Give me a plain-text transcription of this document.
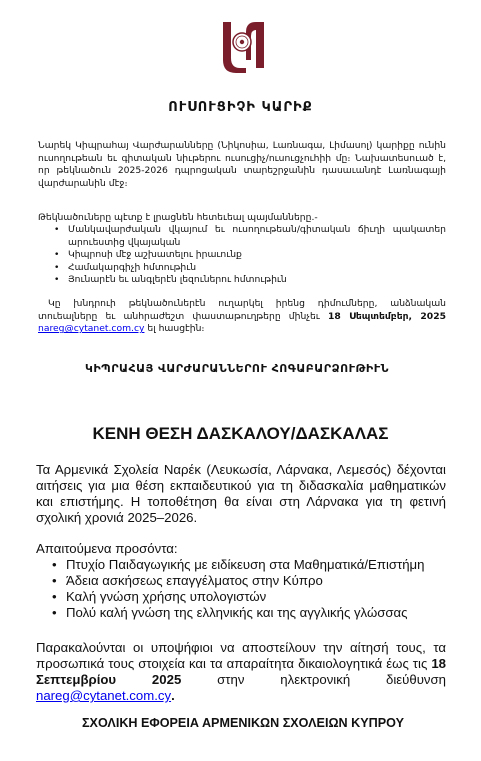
ՈՒՍՈՒՑԻՉԻ ԿԱՐԻՔ

Նարեկ Կիպրահայ Վարժարանները (Նիկոսիա, Լառնագա, Լիմասոլ) կարիքը ունին ուսողութեան եւ գիտական նիւթերու ուսուցիչ/ուսուցչուհիի մը։ Նախատեսուած է, որ թեկնածուն 2025-2026 դպրոցական տարեշրջանին դասաւանդէ Լառնագայի վարժարանին մէջ։

Թեկնածուները պէտք է լրացնեն հետեւեալ պայմանները.-

• Մանկավարժական վկայում եւ ուսողութեան/գիտական ճիւղի պակատեր արուեստից վկայական
• Կիպրոսի մէջ աշխատելու իրաւունք
• Համակարգիչի հմտութիւն
• Յունարէն եւ անգլերէն լեզուներու հմտութիւն

Կը խնդրուի թեկնածուներէն ուղարկել իրենց դիմումները, անձնական տուեալները եւ անհրաժեշտ փաստաթուղթերը մինչեւ 18 Սեպտեմբեր, 2025 nareg@cytanet.com.cy ել հասցէին։

ԿԻՊՐԱՀԱՅ ՎԱՐԺԱՐԱՆՆԵՐՈՒ ՀՈԳԱԲԱՐՁՈՒԹԻՒՆ
ΚΕΝΗ ΘΕΣΗ ΔΑΣΚΑΛΟΥ/ΔΑΣΚΑΛΑΣ

Τα Αρμενικά Σχολεία Ναρέκ (Λευκωσία, Λάρνακα, Λεμεσός) δέχονται αιτήσεις για μια θέση εκπαιδευτικού για τη διδασκαλία μαθηματικών και επιστήμης. Η τοποθέτηση θα είναι στη Λάρνακα για τη φετινή σχολική χρονιά 2025–2026.

Απαιτούμενα προσόντα:

• Πτυχίο Παιδαγωγικής με ειδίκευση στα Μαθηματικά/Επιστήμη
• Άδεια ασκήσεως επαγγέλματος στην Κύπρο
• Καλή γνώση χρήσης υπολογιστών
• Πολύ καλή γνώση της ελληνικής και της αγγλικής γλώσσας

Παρακαλούνται οι υποψήφιοι να αποστείλουν την αίτησή τους, τα προσωπικά τους στοιχεία και τα απαραίτητα δικαιολογητικά έως τις 18 Σεπτεμβρίου 2025	στην ηλεκτρονική διεύθυνση nareg@cytanet.com.cy.

ΣΧΟΛΙΚΗ ΕΦΟΡΕΙΑ ΑΡΜΕΝΙΚΩΝ ΣΧΟΛΕΙΩΝ ΚΥΠΡΟΥ
